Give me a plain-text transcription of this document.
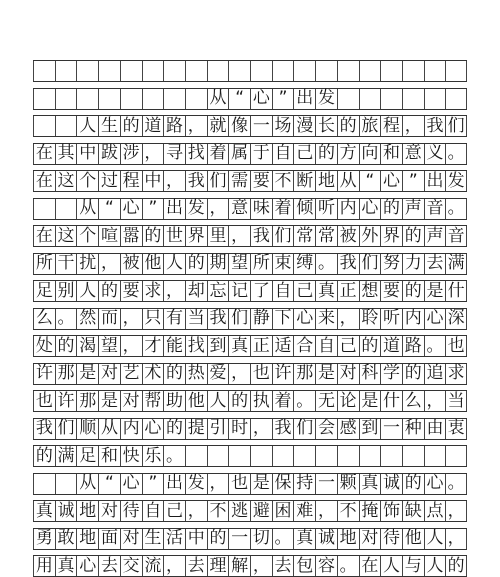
从 “ 心 ” 出 发
人 生 的 道 路 ， 就 像 一 场 漫 长 的 旅 程 ， 我 们
在 其 中 跋 涉 ， 寻 找 着 属 于 自 己 的 方 向 和 意 义 。
在 这 个 过 程 中 ， 我 们 需 要 不 断 地 从 “ 心 ” 出 发
从 “ 心 ” 出 发 ， 意 味 着 倾 听 内 心 的 声 音 。
在 这 个 喧 嚣 的 世 界 里 ， 我 们 常 常 被 外 界 的 声 音
所 干 扰 ， 被 他 人 的 期 望 所 束 缚 。 我 们 努 力 去 满
足 别 人 的 要 求 ， 却 忘 记 了 自 己 真 正 想 要 的 是 什
么 。 然 而 ， 只 有 当 我 们 静 下 心 来 ， 聆 听 内 心 深
处 的 渴 望 ， 才 能 找 到 真 正 适 合 自 己 的 道 路 。 也
许 那 是 对 艺 术 的 热 爱 ， 也 许 那 是 对 科 学 的 追 求
也 许 那 是 对 帮 助 他 人 的 执 着 。 无 论 是 什 么 ， 当
我 们 顺 从 内 心 的 提 引 时 ， 我 们 会 感 到 一 种 由 衷
的 满 足 和 快 乐 。
从 “ 心 ” 出 发 ， 也 是 保 持 一 颗 真 诚 的 心 。
真 诚 地 对 待 自 己 ， 不 逃 避 困 难 ， 不 掩 饰 缺 点 ，
勇 敢 地 面 对 生 活 中 的 一 切 。 真 诚 地 对 待 他 人 ，
用 真 心 去 交 流 ， 去 理 解 ， 去 包 容 。 在 人 与 人 的
